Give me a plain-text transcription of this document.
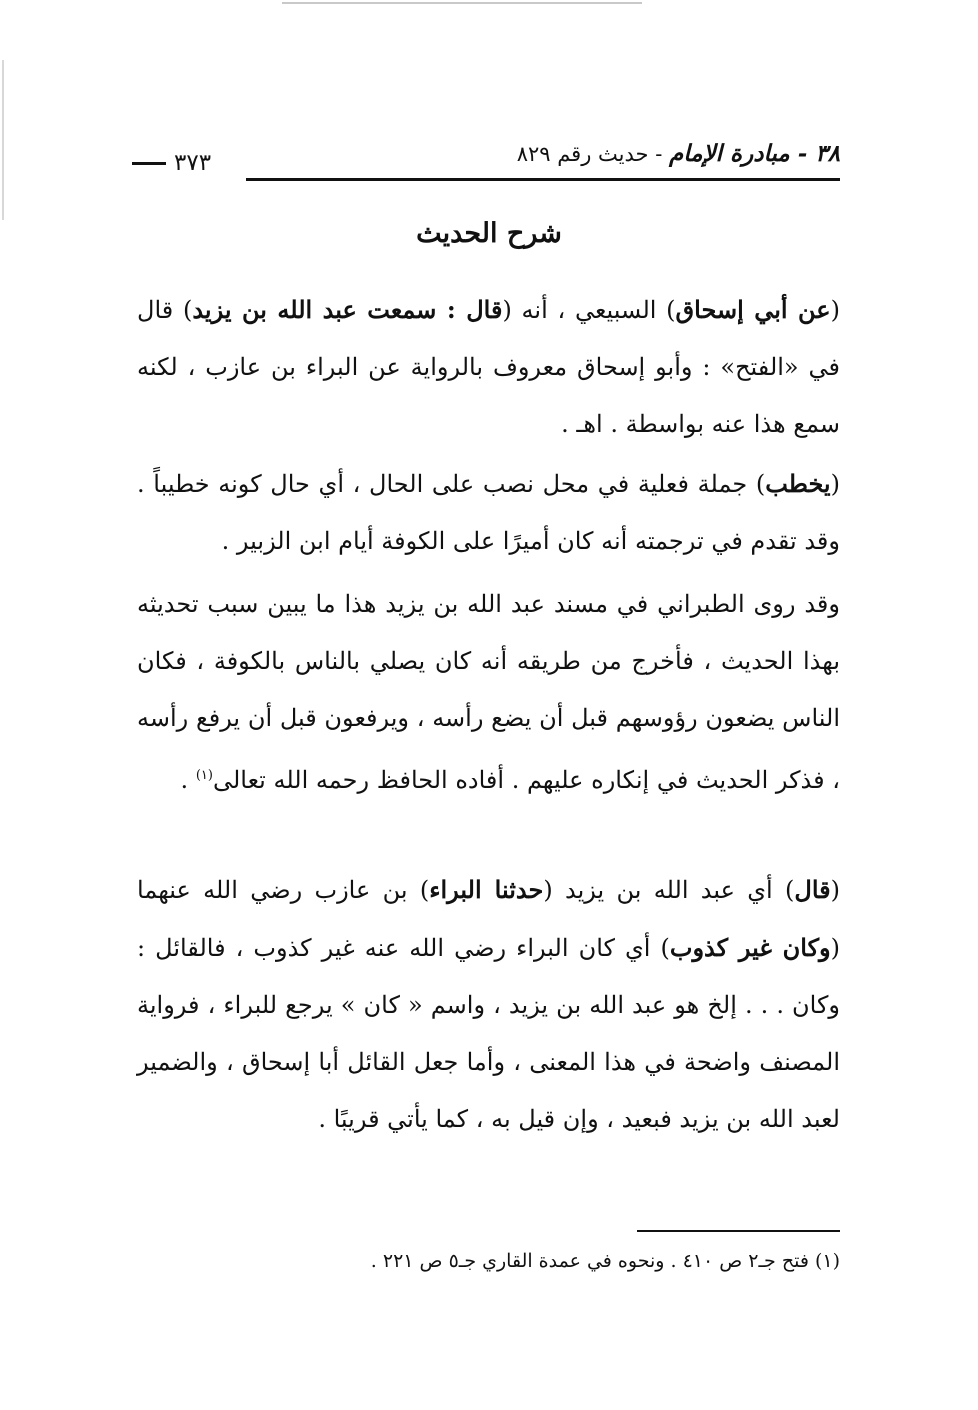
٣٨ - مبادرة الإمام - حديث رقم ٨٢٩
٣٧٣
شرح الحديث
(عن أبي إسحاق) السبيعي ، أنه (قال : سمعت عبد الله بن يزيد) قال في «الفتح» : وأبو إسحاق معروف بالرواية عن البراء بن عازب ، لكنه سمع هذا عنه بواسطة . اهـ .
(يخطب) جملة فعلية في محل نصب على الحال ، أي حال كونه خطيباً . وقد تقدم في ترجمته أنه كان أميرًا على الكوفة أيام ابن الزبير .
وقد روى الطبراني في مسند عبد الله بن يزيد هذا ما يبين سبب تحديثه بهذا الحديث ، فأخرج من طريقه أنه كان يصلي بالناس بالكوفة ، فكان الناس يضعون رؤوسهم قبل أن يضع رأسه ، ويرفعون قبل أن يرفع رأسه ، فذكر الحديث في إنكاره عليهم . أفاده الحافظ رحمه الله تعالى$^{(١)}$ .
(قال) أي عبد الله بن يزيد (حدثنا البراء) بن عازب رضي الله عنهما (وكان غير كذوب) أي كان البراء رضي الله عنه غير كذوب ، فالقائل : وكان . . . إلخ هو عبد الله بن يزيد ، واسم « كان » يرجع للبراء ، فرواية المصنف واضحة في هذا المعنى ، وأما جعل القائل أبا إسحاق ، والضمير لعبد الله بن يزيد فبعيد ، وإن قيل به ، كما يأتي قريبًا .
(١) فتح جـ٢ ص ٤١٠ . ونحوه في عمدة القاري جـ٥ ص ٢٢١ .
